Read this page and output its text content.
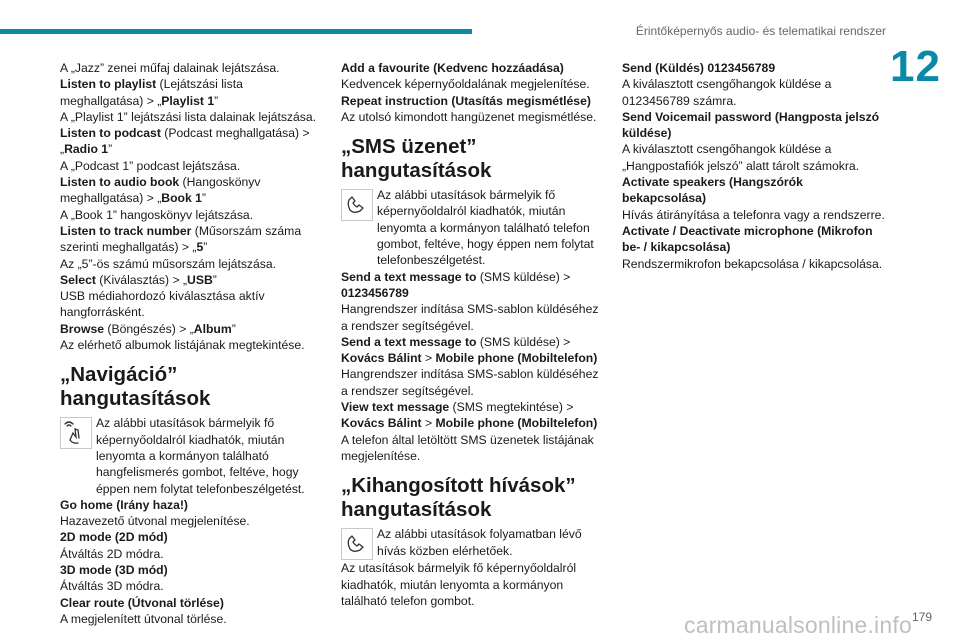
Érintőképernyős audio- és telematikai rendszer
12

A „Jazz” zenei műfaj dalainak lejátszása.

Listen to playlist (Lejátszási lista meghallgatása) > „Playlist 1”

A „Playlist 1” lejátszási lista dalainak lejátszása.

Listen to podcast (Podcast meghallgatása) > „Radio 1”

A „Podcast 1” podcast lejátszása.

Listen to audio book (Hangoskönyv meghallgatása) > „Book 1”

A „Book 1” hangoskönyv lejátszása.

Listen to track number (Műsorszám száma szerinti meghallgatás) > „5”

Az „5”-ös számú műsorszám lejátszása.

Select (Kiválasztás) > „USB”

USB médiahordozó kiválasztása aktív hangforrásként.

Browse (Böngészés) > „Album”

Az elérhető albumok listájának megtekintése.

„Navigáció” hangutasítások
Az alábbi utasítások bármelyik fő képernyőoldalról kiadhatók, miután lenyomta a kormányon található hangfelismerés gombot, feltéve, hogy éppen nem folytat telefonbeszélgetést.

Go home (Irány haza!)

Hazavezető útvonal megjelenítése.

2D mode (2D mód)

Átváltás 2D módra.

3D mode (3D mód)

Átváltás 3D módra.

Clear route (Útvonal törlése)

A megjelenített útvonal törlése.

Add a favourite (Kedvenc hozzáadása)

Kedvencek képernyőoldalának megjelenítése.

Repeat instruction (Utasítás megismétlése)

Az utolsó kimondott hangüzenet megismétlése.

„SMS üzenet” hangutasítások
Az alábbi utasítások bármelyik fő képernyőoldalról kiadhatók, miután lenyomta a kormányon található telefon gombot, feltéve, hogy éppen nem folytat telefonbeszélgetést.

Send a text message to (SMS küldése) >
0123456789

Hangrendszer indítása SMS-sablon küldéséhez a rendszer segítségével.

Send a text message to (SMS küldése) >
Kovács Bálint > Mobile phone (Mobiltelefon)

Hangrendszer indítása SMS-sablon küldéséhez a rendszer segítségével.

View text message (SMS megtekintése) >
Kovács Bálint > Mobile phone (Mobiltelefon)

A telefon által letöltött SMS üzenetek listájának megjelenítése.

„Kihangosított hívások” hangutasítások
Az alábbi utasítások folyamatban lévő hívás közben elérhetőek.

Az utasítások bármelyik fő képernyőoldalról kiadhatók, miután lenyomta a kormányon található telefon gombot.

Send (Küldés) 0123456789

A kiválasztott csengőhangok küldése a 0123456789 számra.

Send Voicemail password (Hangposta jelszó küldése)

A kiválasztott csengőhangok küldése a „Hangpostafiók jelszó” alatt tárolt számokra.

Activate speakers (Hangszórók bekapcsolása)

Hívás átirányítása a telefonra vagy a rendszerre.

Activate / Deactivate microphone (Mikrofon be- / kikapcsolása)

Rendszermikrofon bekapcsolása / kikapcsolása.

carmanualsonline.info 179
